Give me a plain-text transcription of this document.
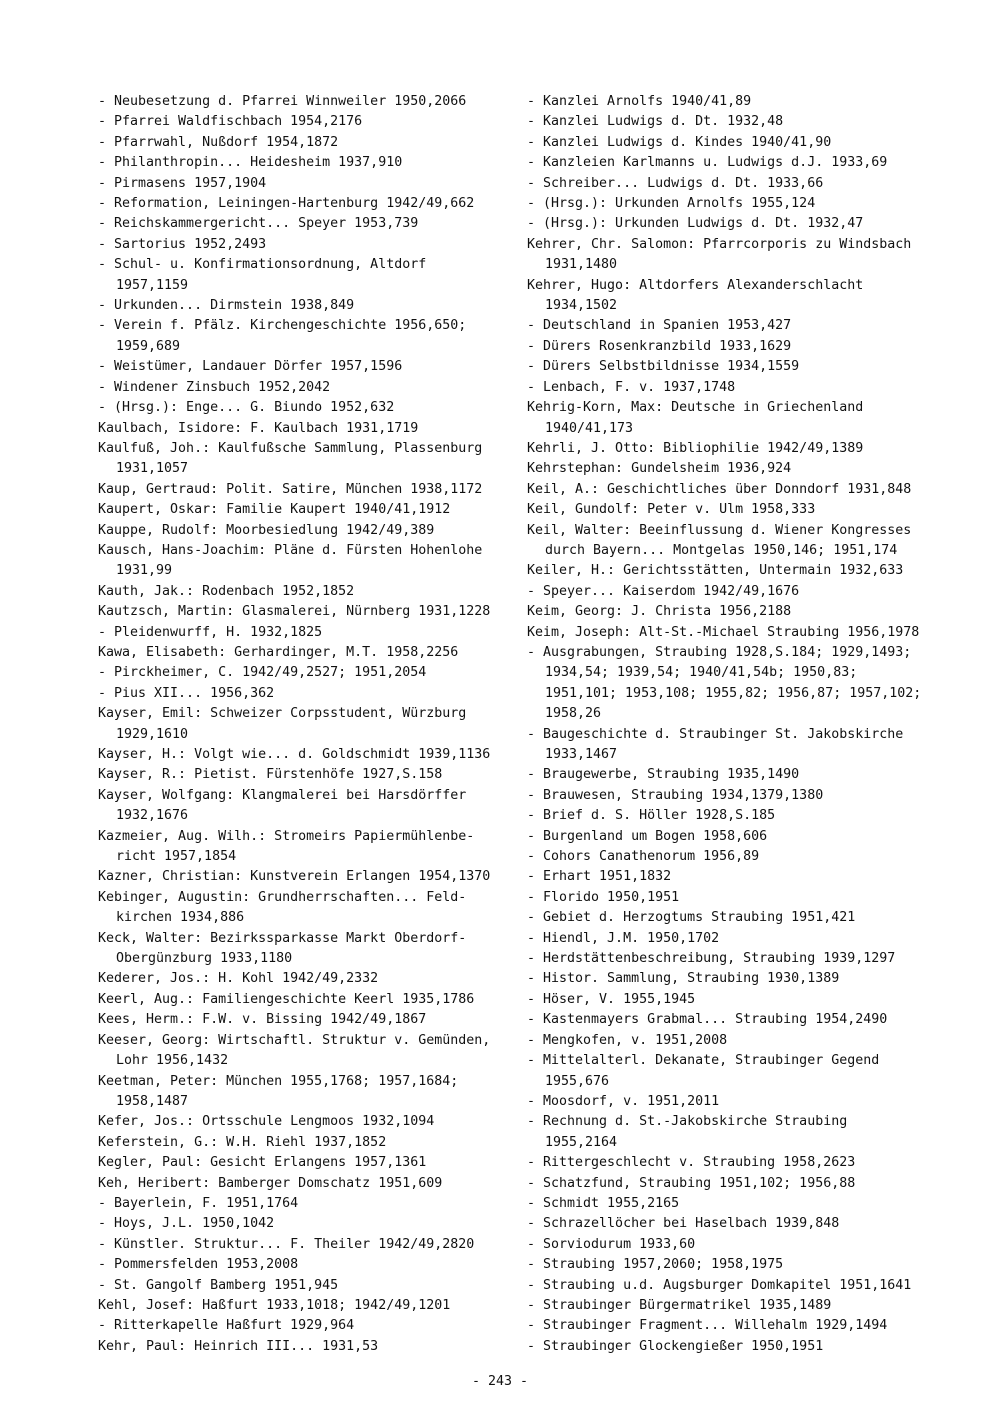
- Neubesetzung d. Pfarrei Winnweiler 1950,2066
- Pfarrei Waldfischbach 1954,2176
- Pfarrwahl, Nußdorf 1954,1872
- Philanthropin... Heidesheim 1937,910
- Pirmasens 1957,1904
- Reformation, Leiningen-Hartenburg 1942/49,662
- Reichskammergericht... Speyer 1953,739
- Sartorius 1952,2493
- Schul- u. Konfirmationsordnung, Altdorf
1957,1159
- Urkunden... Dirmstein 1938,849
- Verein f. Pfälz. Kirchengeschichte 1956,650;
1959,689
- Weistümer, Landauer Dörfer 1957,1596
- Windener Zinsbuch 1952,2042
- (Hrsg.): Enge... G. Biundo 1952,632
Kaulbach, Isidore: F. Kaulbach 1931,1719
Kaulfuß, Joh.: Kaulfußsche Sammlung, Plassenburg
1931,1057
Kaup, Gertraud: Polit. Satire, München 1938,1172
Kaupert, Oskar: Familie Kaupert 1940/41,1912
Kauppe, Rudolf: Moorbesiedlung 1942/49,389
Kausch, Hans-Joachim: Pläne d. Fürsten Hohenlohe
1931,99
Kauth, Jak.: Rodenbach 1952,1852
Kautzsch, Martin: Glasmalerei, Nürnberg 1931,1228
- Pleidenwurff, H. 1932,1825
Kawa, Elisabeth: Gerhardinger, M.T. 1958,2256
- Pirckheimer, C. 1942/49,2527; 1951,2054
- Pius XII... 1956,362
Kayser, Emil: Schweizer Corpsstudent, Würzburg
1929,1610
Kayser, H.: Volgt wie... d. Goldschmidt 1939,1136
Kayser, R.: Pietist. Fürstenhöfe 1927,S.158
Kayser, Wolfgang: Klangmalerei bei Harsdörffer
1932,1676
Kazmeier, Aug. Wilh.: Stromeirs Papiermühlenbe-
richt 1957,1854
Kazner, Christian: Kunstverein Erlangen 1954,1370
Kebinger, Augustin: Grundherrschaften... Feld-
kirchen 1934,886
Keck, Walter: Bezirkssparkasse Markt Oberdorf-
Obergünzburg 1933,1180
Kederer, Jos.: H. Kohl 1942/49,2332
Keerl, Aug.: Familiengeschichte Keerl 1935,1786
Kees, Herm.: F.W. v. Bissing 1942/49,1867
Keeser, Georg: Wirtschaftl. Struktur v. Gemünden,
Lohr 1956,1432
Keetman, Peter: München 1955,1768; 1957,1684;
1958,1487
Kefer, Jos.: Ortsschule Lengmoos 1932,1094
Keferstein, G.: W.H. Riehl 1937,1852
Kegler, Paul: Gesicht Erlangens 1957,1361
Keh, Heribert: Bamberger Domschatz 1951,609
- Bayerlein, F. 1951,1764
- Hoys, J.L. 1950,1042
- Künstler. Struktur... F. Theiler 1942/49,2820
- Pommersfelden 1953,2008
- St. Gangolf Bamberg 1951,945
Kehl, Josef: Haßfurt 1933,1018; 1942/49,1201
- Ritterkapelle Haßfurt 1929,964
Kehr, Paul: Heinrich III... 1931,53
- Kanzlei Arnolfs 1940/41,89
- Kanzlei Ludwigs d. Dt. 1932,48
- Kanzlei Ludwigs d. Kindes 1940/41,90
- Kanzleien Karlmanns u. Ludwigs d.J. 1933,69
- Schreiber... Ludwigs d. Dt. 1933,66
- (Hrsg.): Urkunden Arnolfs 1955,124
- (Hrsg.): Urkunden Ludwigs d. Dt. 1932,47
Kehrer, Chr. Salomon: Pfarrcorporis zu Windsbach
1931,1480
Kehrer, Hugo: Altdorfers Alexanderschlacht
1934,1502
- Deutschland in Spanien 1953,427
- Dürers Rosenkranzbild 1933,1629
- Dürers Selbstbildnisse 1934,1559
- Lenbach, F. v. 1937,1748
Kehrig-Korn, Max: Deutsche in Griechenland
1940/41,173
Kehrli, J. Otto: Bibliophilie 1942/49,1389
Kehrstephan: Gundelsheim 1936,924
Keil, A.: Geschichtliches über Donndorf 1931,848
Keil, Gundolf: Peter v. Ulm 1958,333
Keil, Walter: Beeinflussung d. Wiener Kongresses
durch Bayern... Montgelas 1950,146; 1951,174
Keiler, H.: Gerichtsstätten, Untermain 1932,633
- Speyer... Kaiserdom 1942/49,1676
Keim, Georg: J. Christa 1956,2188
Keim, Joseph: Alt-St.-Michael Straubing 1956,1978
- Ausgrabungen, Straubing 1928,S.184; 1929,1493;
1934,54; 1939,54; 1940/41,54b; 1950,83;
1951,101; 1953,108; 1955,82; 1956,87; 1957,102;
1958,26
- Baugeschichte d. Straubinger St. Jakobskirche
1933,1467
- Braugewerbe, Straubing 1935,1490
- Brauwesen, Straubing 1934,1379,1380
- Brief d. S. Höller 1928,S.185
- Burgenland um Bogen 1958,606
- Cohors Canathenorum 1956,89
- Erhart 1951,1832
- Florido 1950,1951
- Gebiet d. Herzogtums Straubing 1951,421
- Hiendl, J.M. 1950,1702
- Herdstättenbeschreibung, Straubing 1939,1297
- Histor. Sammlung, Straubing 1930,1389
- Höser, V. 1955,1945
- Kastenmayers Grabmal... Straubing 1954,2490
- Mengkofen, v. 1951,2008
- Mittelalterl. Dekanate, Straubinger Gegend
1955,676
- Moosdorf, v. 1951,2011
- Rechnung d. St.-Jakobskirche Straubing
1955,2164
- Rittergeschlecht v. Straubing 1958,2623
- Schatzfund, Straubing 1951,102; 1956,88
- Schmidt 1955,2165
- Schrazellöcher bei Haselbach 1939,848
- Sorviodurum 1933,60
- Straubing 1957,2060; 1958,1975
- Straubing u.d. Augsburger Domkapitel 1951,1641
- Straubinger Bürgermatrikel 1935,1489
- Straubinger Fragment... Willehalm 1929,1494
- Straubinger Glockengießer 1950,1951
- 243 -
